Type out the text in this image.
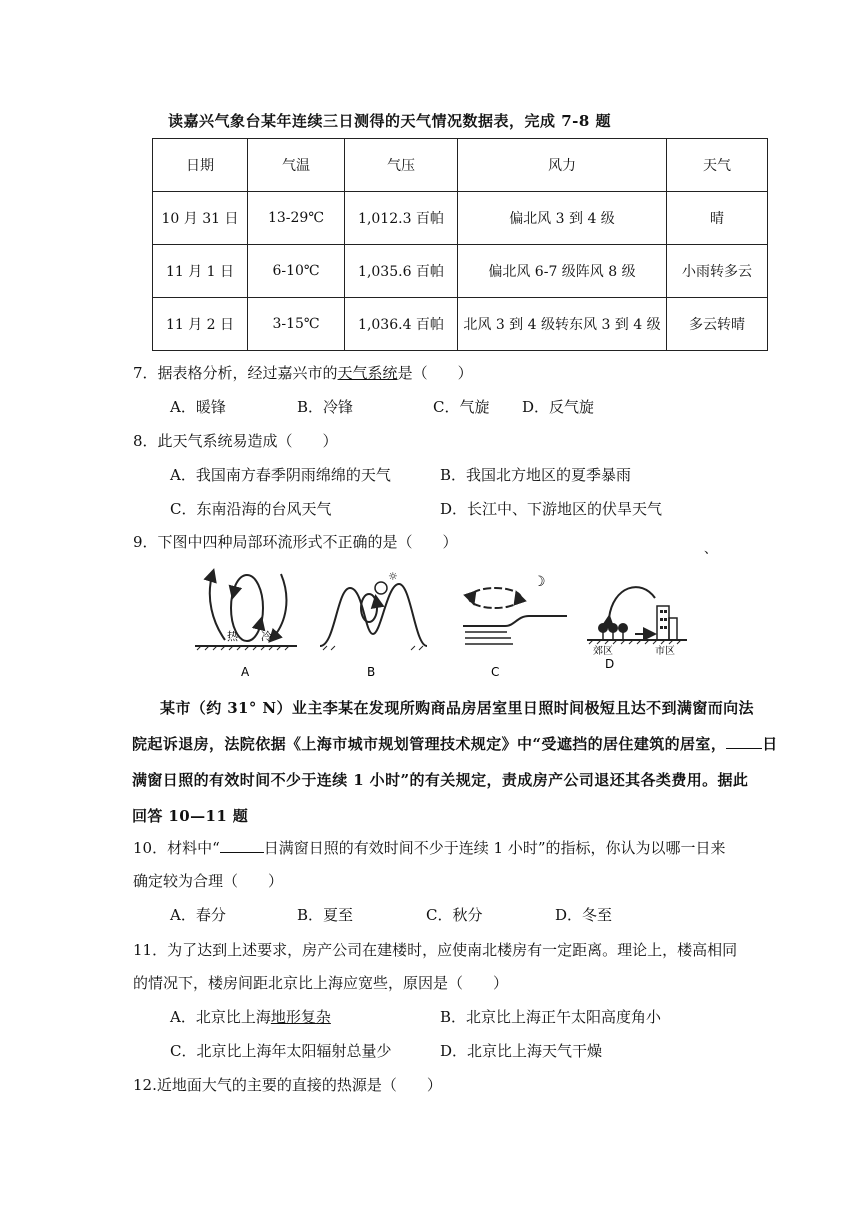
读嘉兴气象台某年连续三日测得的天气情况数据表，完成 7-8 题
日期	气温	气压	风力	天气
10 月 31 日	13-29℃	1,012.3 百帕	偏北风 3 到 4 级	晴
11 月 1 日	6-10℃	1,035.6 百帕	偏北风 6-7 级阵风 8 级	小雨转多云
11 月 2 日	3-15℃	1,036.4 百帕	北风 3 到 4 级转东风 3 到 4 级	多云转晴
7．据表格分析，经过嘉兴市的天气系统是（　　）
A．暖锋	B．冷锋	C．气旋 D．反气旋
8．此天气系统易造成（　　）
A．我国南方春季阴雨绵绵的天气	B．我国北方地区的夏季暴雨
C．东南沿海的台风天气	D．长江中、下游地区的伏旱天气
9．下图中四种局部环流形式不正确的是（　　）	、
热 冷
A
☼
B
☽
C
郊区	市区
D
某市（约 31° N）业主李某在发现所购商品房居室里日照时间极短且达不到满窗而向法
院起诉退房，法院依据《上海市城市规划管理技术规定》中“受遮挡的居住建筑的居室， 日
满窗日照的有效时间不少于连续 1 小时”的有关规定，责成房产公司退还其各类费用。据此
回答 10—11 题
10．材料中“	日满窗日照的有效时间不少于连续 1 小时”的指标，你认为以哪一日来
确定较为合理（　　）
A．春分	B．夏至	C．秋分	D．冬至
11．为了达到上述要求，房产公司在建楼时，应使南北楼房有一定距离。理论上，楼高相同
的情况下，楼房间距北京比上海应宽些，原因是（　　）
A．北京比上海地形复杂	B．北京比上海正午太阳高度角小
C．北京比上海年太阳辐射总量少	D．北京比上海天气干燥
12.近地面大气的主要的直接的热源是（　　）
